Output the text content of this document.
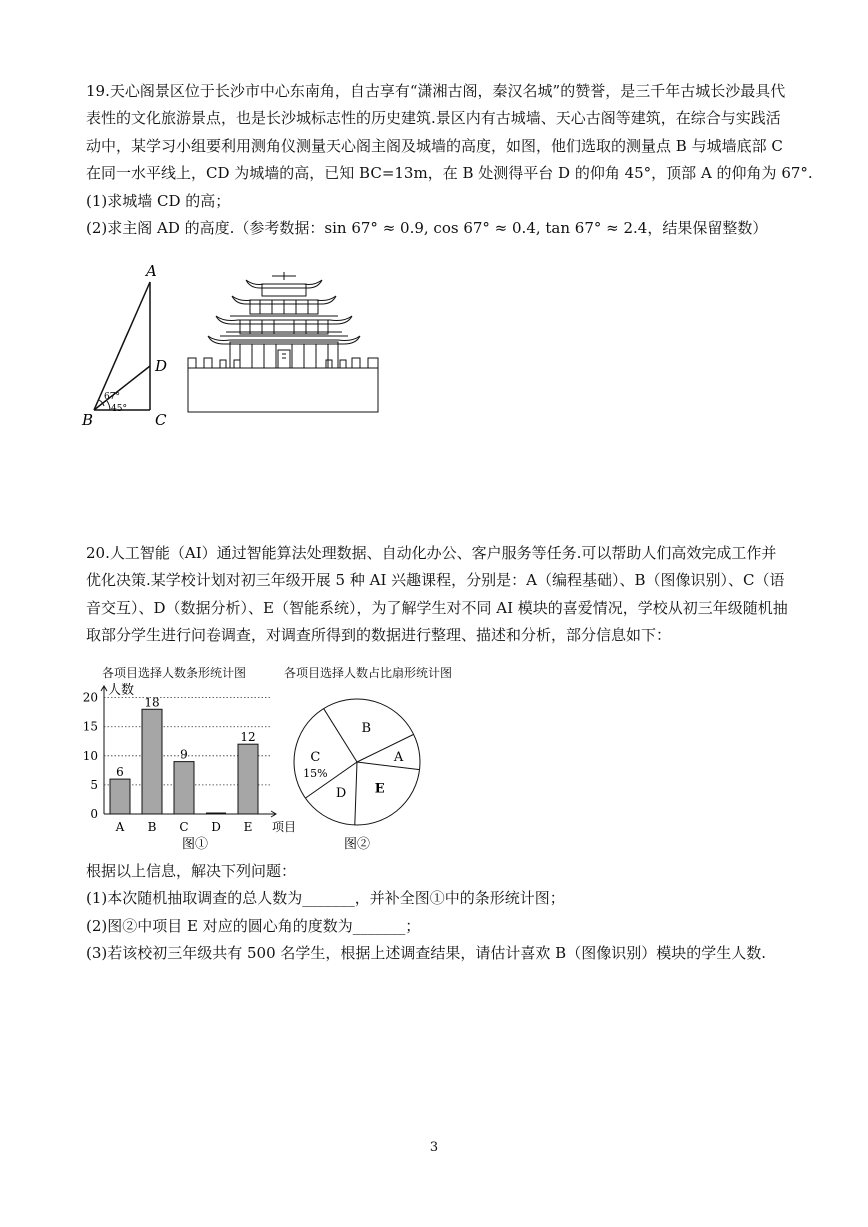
19.天心阁景区位于长沙市中心东南角，自古享有“潇湘古阁，秦汉名城”的赞誉，是三千年古城长沙最具代
表性的文化旅游景点，也是长沙城标志性的历史建筑.景区内有古城墙、天心古阁等建筑，在综合与实践活
动中，某学习小组要利用测角仪测量天心阁主阁及城墙的高度，如图，他们选取的测量点 B 与城墙底部 C
在同一水平线上，CD 为城墙的高，已知 BC=13m，在 B 处测得平台 D 的仰角 45°，顶部 A 的仰角为 67°.
(1)求城墙 CD 的高；
(2)求主阁 AD 的高度.（参考数据：sin 67° ≈ 0.9, cos 67° ≈ 0.4, tan 67° ≈ 2.4，结果保留整数）
A
B	C
D
67°
45°
20.人工智能（AI）通过智能算法处理数据、自动化办公、客户服务等任务.可以帮助人们高效完成工作并
优化决策.某学校计划对初三年级开展 5 种 AI 兴趣课程，分别是：A（编程基础）、B（图像识别）、C（语
音交互）、D（数据分析）、E（智能系统），为了解学生对不同 AI 模块的喜爱情况，学校从初三年级随机抽
取部分学生进行问卷调查，对调查所得到的数据进行整理、描述和分析，部分信息如下：
各项目选择人数条形统计图	各项目选择人数占比扇形统计图
0
5
10
15
20 人数
项目
A
6
B
18
C
9
D E
12
图①
B
A
E
D
C
15%
图②
根据以上信息，解决下列问题：
(1)本次随机抽取调查的总人数为_______，并补全图①中的条形统计图；
(2)图②中项目 E 对应的圆心角的度数为_______；
(3)若该校初三年级共有 500 名学生，根据上述调查结果，请估计喜欢 B（图像识别）模块的学生人数.
3
